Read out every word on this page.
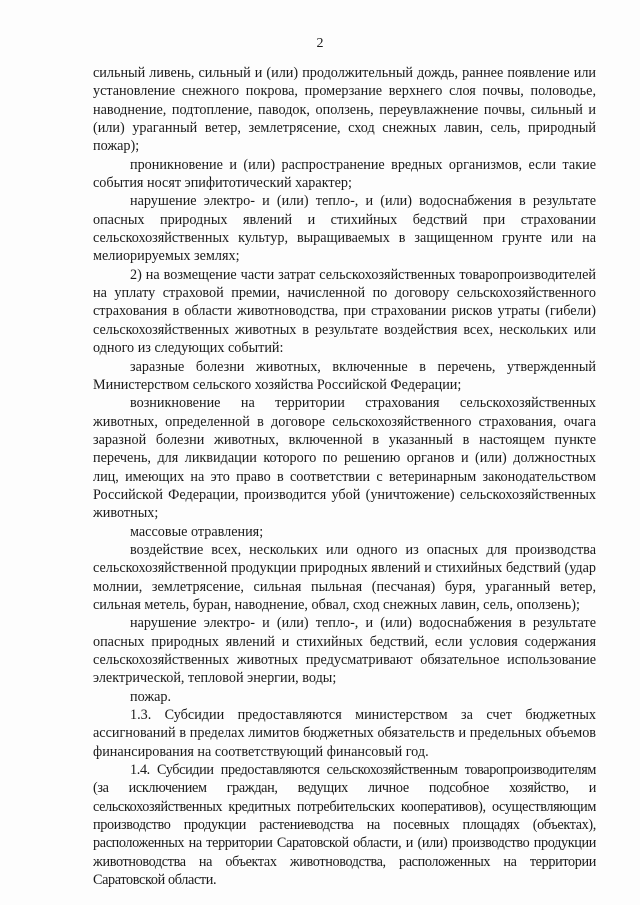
2

сильный ливень, сильный и (или) продолжительный дождь, раннее появление или установление снежного покрова, промерзание верхнего слоя почвы, половодье, наводнение, подтопление, паводок, оползень, переувлажнение почвы, сильный и (или) ураганный ветер, землетрясение, сход снежных лавин, сель, природный пожар);

проникновение и (или) распространение вредных организмов, если такие события носят эпифитотический характер;

нарушение электро- и (или) тепло-, и (или) водоснабжения в результате опасных природных явлений и стихийных бедствий при страховании сельскохозяйственных культур, выращиваемых в защищенном грунте или на мелиорируемых землях;

2) на возмещение части затрат сельскохозяйственных товаропроизводителей на уплату страховой премии, начисленной по договору сельскохозяйственного страхования в области животноводства, при страховании рисков утраты (гибели) сельскохозяйственных животных в результате воздействия всех, нескольких или одного из следующих событий:

заразные болезни животных, включенные в перечень, утвержденный Министерством сельского хозяйства Российской Федерации;

возникновение на территории страхования сельскохозяйственных животных, определенной в договоре сельскохозяйственного страхования, очага заразной болезни животных, включенной в указанный в настоящем пункте перечень, для ликвидации которого по решению органов и (или) должностных лиц, имеющих на это право в соответствии с ветеринарным законодательством Российской Федерации, производится убой (уничтожение) сельскохозяйственных животных;

массовые отравления;

воздействие всех, нескольких или одного из опасных для производства сельскохозяйственной продукции природных явлений и стихийных бедствий (удар молнии, землетрясение, сильная пыльная (песчаная) буря, ураганный ветер, сильная метель, буран, наводнение, обвал, сход снежных лавин, сель, оползень);

нарушение электро- и (или) тепло-, и (или) водоснабжения в результате опасных природных явлений и стихийных бедствий, если условия содержания сельскохозяйственных животных предусматривают обязательное использование электрической, тепловой энергии, воды;

пожар.

1.3. Субсидии предоставляются министерством за счет бюджетных ассигнований в пределах лимитов бюджетных обязательств и предельных объемов финансирования на соответствующий финансовый год.

1.4. Субсидии предоставляются сельскохозяйственным товаропроизводителям (за исключением граждан, ведущих личное подсобное хозяйство, и сельскохозяйственных кредитных потребительских кооперативов), осуществляющим производство продукции растениеводства на посевных площадях (объектах), расположенных на территории Саратовской области, и (или) производство продукции животноводства на объектах животноводства, расположенных на территории Саратовской области.
